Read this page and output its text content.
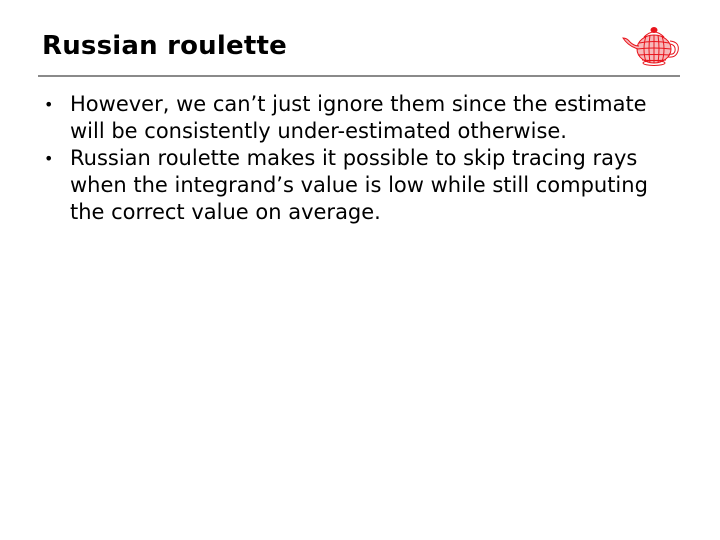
Russian roulette
• However, we can’t just ignore them since the estimate will be consistently under-estimated otherwise.
• Russian roulette makes it possible to skip tracing rays when the integrand’s value is low while still computing the correct value on average.
